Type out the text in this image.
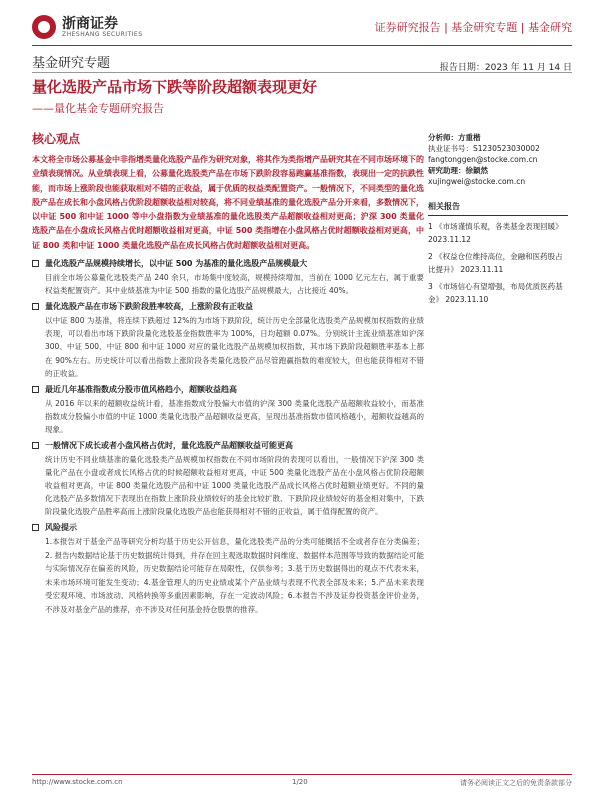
浙商证券
ZHESHANG SECURITIES	证券研究报告 | 基金研究专题 | 基金研究
基金研究专题	报告日期：2023 年 11 月 14 日
量化选股产品市场下跌等阶段超额表现更好
——量化基金专题研究报告
核心观点
本文将全市场公募基金中非指增类量化选股产品作为研究对象，将其作为类指增产品研究其在不同市场环境下的业绩表现情况。从业绩表现上看，公募量化选股类产品在市场下跌阶段容易跑赢基准指数，表现出一定的抗跌性能，而市场上涨阶段也能获取相对不错的正收益，属于优质的权益类配置资产。一般情况下，不同类型的量化选股产品在成长和小盘风格占优阶段超额收益相对较高，将不同业绩基准的量化选股产品分开来看，多数情况下，以中证 500 和中证 1000 等中小盘指数为业绩基准的量化选股类产品超额收益相对更高；沪深 300 类量化选股产品在小盘成长风格占优时超额收益相对更高，中证 500 类指增在小盘风格占优时超额收益相对更高，中证 800 类和中证 1000 类量化选股产品在成长风格占优时超额收益相对更高。
量化选股产品规模持续增长，以中证 500 为基准的量化选股产品规模最大
目前全市场公募量化选股类产品 240 余只，市场集中度较高，规模持续增加，当前在 1000 亿元左右，属于重要权益类配置资产。其中业绩基准为中证 500 指数的量化选股产品规模最大，占比接近 40%。
量化选股产品在市场下跌阶段胜率较高，上涨阶段有正收益
以中证 800 为基准，将连续下跌超过 12%的为市场下跌阶段，统计历史全部量化选股类产品规模加权指数的业绩表现，可以看出市场下跌阶段量化选股基金指数胜率为 100%，日均超额 0.07%。分别统计主流业绩基准如沪深 300、中证 500、中证 800 和中证 1000 对应的量化选股产品规模加权指数，其市场下跌阶段超额胜率基本上都在 90%左右。历史统计可以看出指数上涨阶段各类量化选股产品尽管跑赢指数的难度较大，但也能获得相对不错的正收益。
最近几年基准指数成分股市值风格趋小，超额收益趋高
从 2016 年以来的超额收益统计看，基准指数成分股偏大市值的沪深 300 类量化选股产品超额收益较小，而基准指数成分股偏小市值的中证 1000 类量化选股产品超额收益更高，呈现出基准指数市值风格越小，超额收益越高的现象。
一般情况下成长或者小盘风格占优时，量化选股产品超额收益可能更高
统计历史不同业绩基准的量化选股类产品规模加权指数在不同市场阶段的表现可以看出，一般情况下沪深 300 类量化产品在小盘或者成长风格占优的时候超额收益相对更高，中证 500 类量化选股产品在小盘风格占优阶段超额收益相对更高，中证 800 类量化选股产品和中证 1000 类量化选股产品成长风格占优时超额业绩更好。不同的量化选股产品多数情况下表现出在指数上涨阶段业绩较好的基金比较扩散、下跌阶段业绩较好的基金相对集中，下跌阶段量化选股产品胜率高而上涨阶段量化选股产品也能获得相对不错的正收益，属于值得配置的资产。
风险提示
1.本报告对于基金产品等研究分析均基于历史公开信息，量化选股类产品的分类可能概括不全或者存在分类偏差； 2. 报告内数据结论基于历史数据统计得到，并存在回主观选取数据时间维度、数据样本范围等导致的数据结论可能与实际情况存在偏差的风险，历史数据结论可能存在局限性，仅供参考；3.基于历史数据得出的观点不代表未来，未来市场环境可能发生变动；4.基金管理人的历史业绩或某个产品业绩与表现不代表全部及未来；5.产品未来表现受宏观环境、市场波动、风格转换等多重因素影响，存在一定波动风险；6.本报告不涉及证券投资基金评价业务，不涉及对基金产品的推荐，亦不涉及对任何基金持仓股票的推荐。
分析师：方重楷
执业证书号：S1230523030002
fangtonggen@stocke.com.cn
研究助理：徐颖然
xujingwei@stocke.com.cn
相关报告
1 《市场谨慎乐观，各类基金表现回暖》 2023.11.12
2 《权益仓位维持高位，金融和医药股占比提升》 2023.11.11
3 《市场信心有望增强，布局优质医药基金》 2023.11.10
http://www.stocke.com.cn	1/20	请务必阅读正文之后的免责条款部分
